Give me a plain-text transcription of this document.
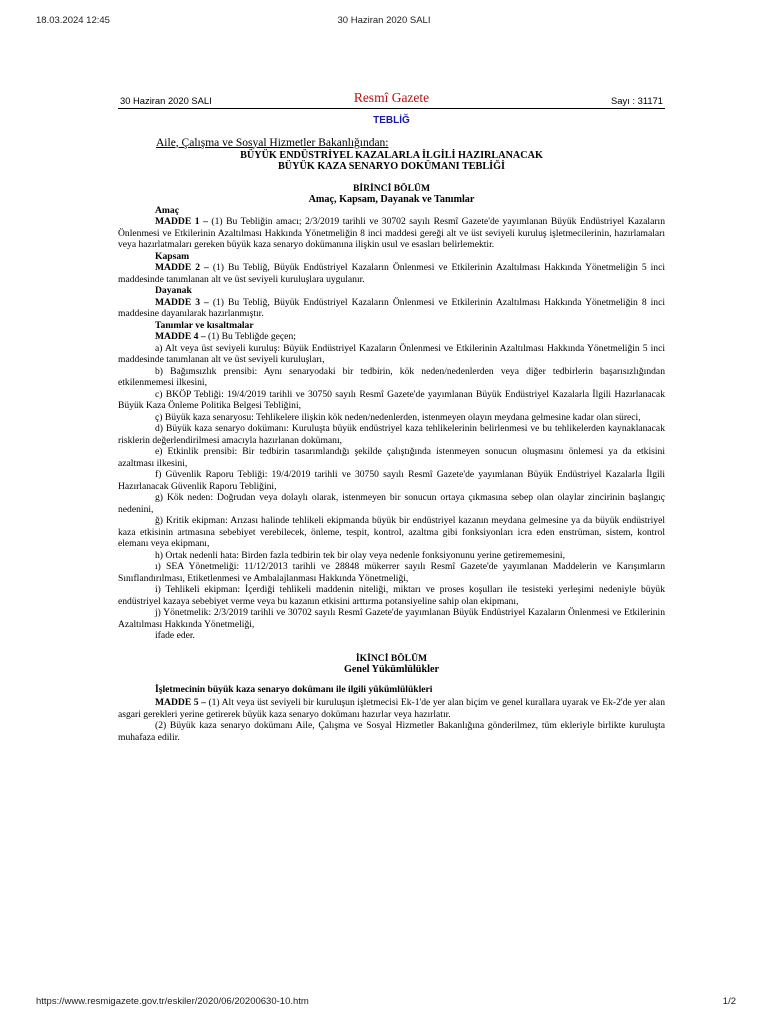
18.03.2024 12:45	30 Haziran 2020 SALI
30 Haziran 2020 SALI	Resmî Gazete	Sayı : 31171
TEBLİĞ
Aile, Çalışma ve Sosyal Hizmetler Bakanlığından:
BÜYÜK ENDÜSTRİYEL KAZALARLA İLGİLİ HAZIRLANACAK
BÜYÜK KAZA SENARYO DOKÜMANI TEBLİĞİ
BİRİNCİ BÖLÜM
Amaç, Kapsam, Dayanak ve Tanımlar
Amaç

MADDE 1 – (1) Bu Tebliğin amacı; 2/3/2019 tarihli ve 30702 sayılı Resmî Gazete'de yayımlanan Büyük Endüstriyel Kazaların Önlenmesi ve Etkilerinin Azaltılması Hakkında Yönetmeliğin 8 inci maddesi gereği alt ve üst seviyeli kuruluş işletmecilerinin, hazırlamaları veya hazırlatmaları gereken büyük kaza senaryo dokümanına ilişkin usul ve esasları belirlemektir.

Kapsam

MADDE 2 – (1) Bu Tebliğ, Büyük Endüstriyel Kazaların Önlenmesi ve Etkilerinin Azaltılması Hakkında Yönetmeliğin 5 inci maddesinde tanımlanan alt ve üst seviyeli kuruluşlara uygulanır.

Dayanak

MADDE 3 – (1) Bu Tebliğ, Büyük Endüstriyel Kazaların Önlenmesi ve Etkilerinin Azaltılması Hakkında Yönetmeliğin 8 inci maddesine dayanılarak hazırlanmıştır.

Tanımlar ve kısaltmalar

MADDE 4 – (1) Bu Tebliğde geçen;

a) Alt veya üst seviyeli kuruluş: Büyük Endüstriyel Kazaların Önlenmesi ve Etkilerinin Azaltılması Hakkında Yönetmeliğin 5 inci maddesinde tanımlanan alt ve üst seviyeli kuruluşları,

b) Bağımsızlık prensibi: Aynı senaryodaki bir tedbirin, kök neden/nedenlerden veya diğer tedbirlerin başarısızlığından etkilenmemesi ilkesini,

c) BKÖP Tebliği: 19/4/2019 tarihli ve 30750 sayılı Resmî Gazete'de yayımlanan Büyük Endüstriyel Kazalarla İlgili Hazırlanacak Büyük Kaza Önleme Politika Belgesi Tebliğini,

ç) Büyük kaza senaryosu: Tehlikelere ilişkin kök neden/nedenlerden, istenmeyen olayın meydana gelmesine kadar olan süreci,

d) Büyük kaza senaryo dokümanı: Kuruluşta büyük endüstriyel kaza tehlikelerinin belirlenmesi ve bu tehlikelerden kaynaklanacak risklerin değerlendirilmesi amacıyla hazırlanan dokümanı,

e) Etkinlik prensibi: Bir tedbirin tasarımlandığı şekilde çalıştığında istenmeyen sonucun oluşmasını önlemesi ya da etkisini azaltması ilkesini,

f) Güvenlik Raporu Tebliği: 19/4/2019 tarihli ve 30750 sayılı Resmî Gazete'de yayımlanan Büyük Endüstriyel Kazalarla İlgili Hazırlanacak Güvenlik Raporu Tebliğini,

g) Kök neden: Doğrudan veya dolaylı olarak, istenmeyen bir sonucun ortaya çıkmasına sebep olan olaylar zincirinin başlangıç nedenini,

ğ) Kritik ekipman: Arızası halinde tehlikeli ekipmanda büyük bir endüstriyel kazanın meydana gelmesine ya da büyük endüstriyel kaza etkisinin artmasına sebebiyet verebilecek, önleme, tespit, kontrol, azaltma gibi fonksiyonları icra eden enstrüman, sistem, kontrol elemanı veya ekipmanı,

h) Ortak nedenli hata: Birden fazla tedbirin tek bir olay veya nedenle fonksiyonunu yerine getirememesini,

ı) SEA Yönetmeliği: 11/12/2013 tarihli ve 28848 mükerrer sayılı Resmî Gazete'de yayımlanan Maddelerin ve Karışımların Sınıflandırılması, Etiketlenmesi ve Ambalajlanması Hakkında Yönetmeliği,

i) Tehlikeli ekipman: İçerdiği tehlikeli maddenin niteliği, miktarı ve proses koşulları ile tesisteki yerleşimi nedeniyle büyük endüstriyel kazaya sebebiyet verme veya bu kazanın etkisini arttırma potansiyeline sahip olan ekipmanı,

j) Yönetmelik: 2/3/2019 tarihli ve 30702 sayılı Resmî Gazete'de yayımlanan Büyük Endüstriyel Kazaların Önlenmesi ve Etkilerinin Azaltılması Hakkında Yönetmeliği,

ifade eder.

İKİNCİ BÖLÜM
Genel Yükümlülükler
İşletmecinin büyük kaza senaryo dokümanı ile ilgili yükümlülükleri

MADDE 5 – (1) Alt veya üst seviyeli bir kuruluşun işletmecisi Ek-1'de yer alan biçim ve genel kurallara uyarak ve Ek-2'de yer alan asgari gerekleri yerine getirerek büyük kaza senaryo dokümanı hazırlar veya hazırlatır.

(2) Büyük kaza senaryo dokümanı Aile, Çalışma ve Sosyal Hizmetler Bakanlığına gönderilmez, tüm ekleriyle birlikte kuruluşta muhafaza edilir.

https://www.resmigazete.gov.tr/eskiler/2020/06/20200630-10.htm	1/2
